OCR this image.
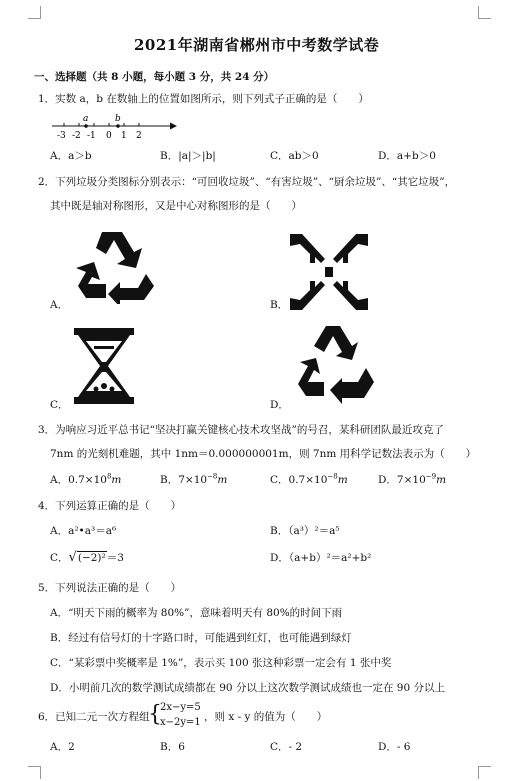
2021年湖南省郴州市中考数学试卷
一、选择题（共 8 小题，每小题 3 分，共 24 分）
1．实数 a，b 在数轴上的位置如图所示，则下列式子正确的是（　　）
a	b
-3 -2 -1 0 1 2
A．a＞b	B．|a|＞|b|	C．ab＞0	D．a+b＞0
2．下列垃圾分类图标分别表示：“可回收垃圾”、“有害垃圾”、“厨余垃圾”、“其它垃圾”，
其中既是轴对称图形，又是中心对称图形的是（　　）
A．	B．
C．	D．
3．为响应习近平总书记“坚决打赢关键核心技术攻坚战”的号召，某科研团队最近攻克了
7nm 的光刻机难题，其中 1nm＝0.000000001m，则 7nm 用科学记数法表示为（　　）
A．$0.7\times 10^8m$	B．$7\times 10^{-8}m$	C．$0.7\times 10^{-8}m$	D．$7\times 10^{-9}m$
4．下列运算正确的是（　　）
A．a²•a³＝a⁶	B．（a³）²＝a⁵
C．√(−2)²＝3	D．（a+b）²＝a²+b²
5．下列说法正确的是（　　）
A．“明天下雨的概率为 80%”，意味着明天有 80%的时间下雨
B．经过有信号灯的十字路口时，可能遇到红灯，也可能遇到绿灯
C．“某彩票中奖概率是 1%”，表示买 100 张这种彩票一定会有 1 张中奖
D．小明前几次的数学测试成绩都在 90 分以上这次数学测试成绩也一定在 90 分以上
6．已知二元一次方程组
{
2x−y=5
x−2y=1 ，则 x - y 的值为（　　）
A．2	B．6	C．- 2	D．- 6
